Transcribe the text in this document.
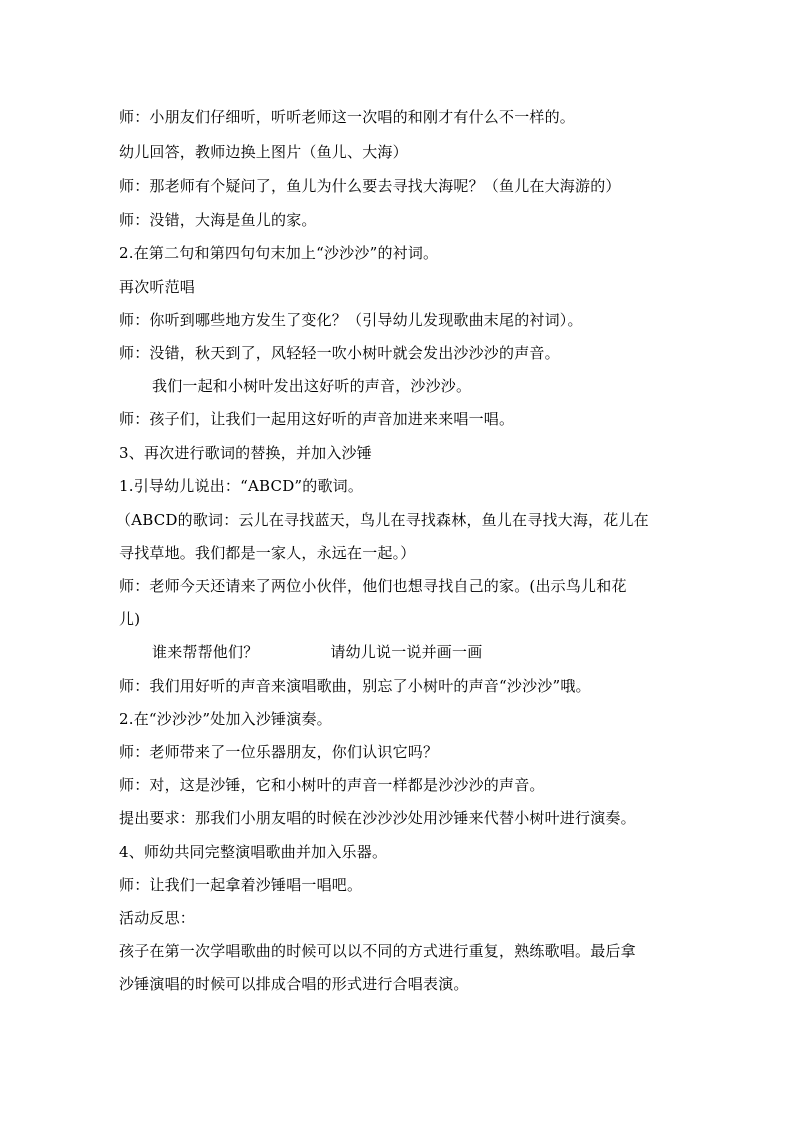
师：小朋友们仔细听，听听老师这一次唱的和刚才有什么不一样的。
幼儿回答，教师边换上图片（鱼儿、大海）
师：那老师有个疑问了，鱼儿为什么要去寻找大海呢？（鱼儿在大海游的）
师：没错，大海是鱼儿的家。
2.在第二句和第四句句末加上“沙沙沙”的衬词。
再次听范唱
师：你听到哪些地方发生了变化？（引导幼儿发现歌曲末尾的衬词）。
师：没错，秋天到了，风轻轻一吹小树叶就会发出沙沙沙的声音。
我们一起和小树叶发出这好听的声音，沙沙沙。
师：孩子们，让我们一起用这好听的声音加进来来唱一唱。
3、再次进行歌词的替换，并加入沙锤
1.引导幼儿说出：“ABCD”的歌词。
（ABCD的歌词：云儿在寻找蓝天，鸟儿在寻找森林，鱼儿在寻找大海，花儿在
寻找草地。我们都是一家人，永远在一起。）
师：老师今天还请来了两位小伙伴，他们也想寻找自己的家。(出示鸟儿和花
儿)
谁来帮帮他们？	请幼儿说一说并画一画
师：我们用好听的声音来演唱歌曲，别忘了小树叶的声音“沙沙沙”哦。
2.在“沙沙沙”处加入沙锤演奏。
师：老师带来了一位乐器朋友，你们认识它吗？
师：对，这是沙锤，它和小树叶的声音一样都是沙沙沙的声音。
提出要求：那我们小朋友唱的时候在沙沙沙处用沙锤来代替小树叶进行演奏。
4、师幼共同完整演唱歌曲并加入乐器。
师：让我们一起拿着沙锤唱一唱吧。
活动反思：
孩子在第一次学唱歌曲的时候可以以不同的方式进行重复，熟练歌唱。最后拿
沙锤演唱的时候可以排成合唱的形式进行合唱表演。
